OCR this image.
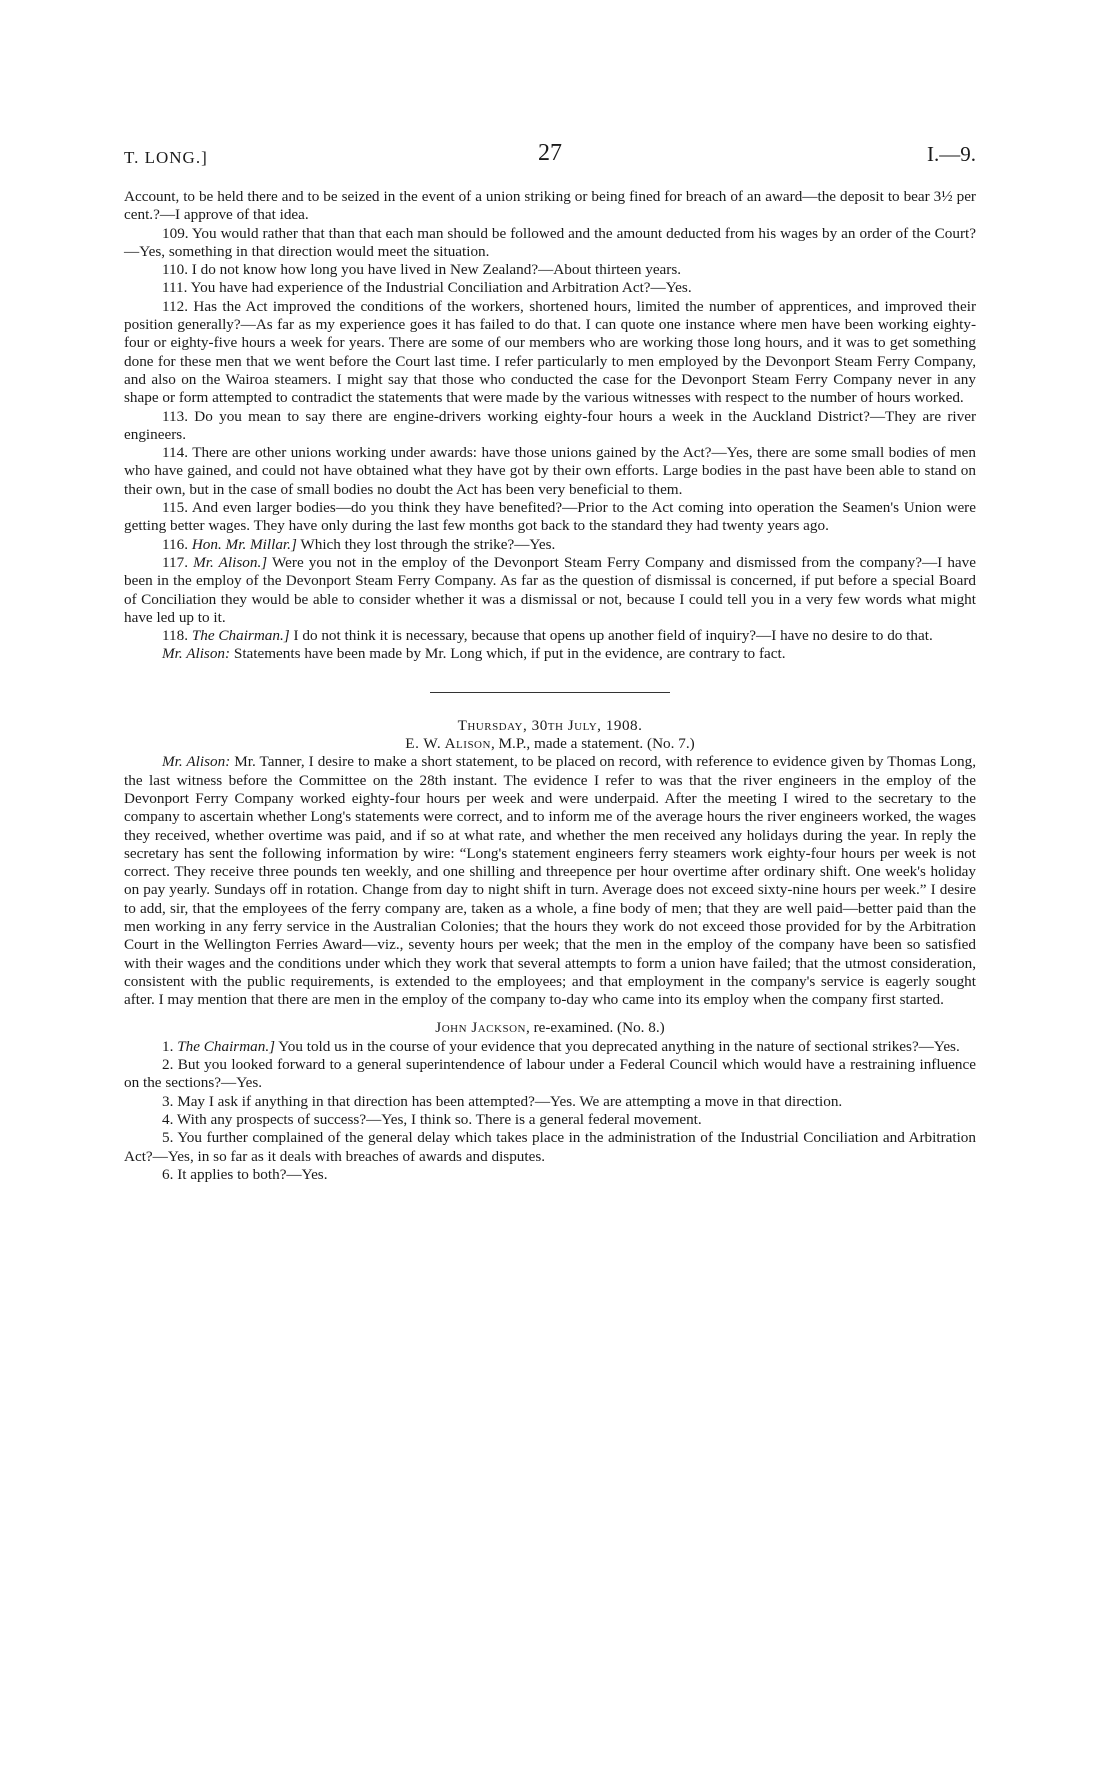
T. LONG.]	27	I.—9.

Account, to be held there and to be seized in the event of a union striking or being fined for breach of an award—the deposit to bear 3½ per cent.?—I approve of that idea.

109. You would rather that than that each man should be followed and the amount deducted from his wages by an order of the Court?—Yes, something in that direction would meet the situation.

110. I do not know how long you have lived in New Zealand?—About thirteen years.

111. You have had experience of the Industrial Conciliation and Arbitration Act?—Yes.

112. Has the Act improved the conditions of the workers, shortened hours, limited the number of apprentices, and improved their position generally?—As far as my experience goes it has failed to do that. I can quote one instance where men have been working eighty-four or eighty-five hours a week for years. There are some of our members who are working those long hours, and it was to get something done for these men that we went before the Court last time. I refer particularly to men employed by the Devonport Steam Ferry Company, and also on the Wairoa steamers. I might say that those who conducted the case for the Devonport Steam Ferry Company never in any shape or form attempted to contradict the statements that were made by the various witnesses with respect to the number of hours worked.

113. Do you mean to say there are engine-drivers working eighty-four hours a week in the Auckland District?—They are river engineers.

114. There are other unions working under awards: have those unions gained by the Act?—Yes, there are some small bodies of men who have gained, and could not have obtained what they have got by their own efforts. Large bodies in the past have been able to stand on their own, but in the case of small bodies no doubt the Act has been very beneficial to them.

115. And even larger bodies—do you think they have benefited?—Prior to the Act coming into operation the Seamen's Union were getting better wages. They have only during the last few months got back to the standard they had twenty years ago.

116. Hon. Mr. Millar.] Which they lost through the strike?—Yes.

117. Mr. Alison.] Were you not in the employ of the Devonport Steam Ferry Company and dismissed from the company?—I have been in the employ of the Devonport Steam Ferry Company. As far as the question of dismissal is concerned, if put before a special Board of Conciliation they would be able to consider whether it was a dismissal or not, because I could tell you in a very few words what might have led up to it.

118. The Chairman.] I do not think it is necessary, because that opens up another field of inquiry?—I have no desire to do that.

Mr. Alison: Statements have been made by Mr. Long which, if put in the evidence, are contrary to fact.

Thursday, 30th July, 1908.

E. W. Alison, M.P., made a statement. (No. 7.)

Mr. Alison: Mr. Tanner, I desire to make a short statement, to be placed on record, with reference to evidence given by Thomas Long, the last witness before the Committee on the 28th instant. The evidence I refer to was that the river engineers in the employ of the Devonport Ferry Company worked eighty-four hours per week and were underpaid. After the meeting I wired to the secretary to the company to ascertain whether Long's statements were correct, and to inform me of the average hours the river engineers worked, the wages they received, whether overtime was paid, and if so at what rate, and whether the men received any holidays during the year. In reply the secretary has sent the following information by wire: “Long's statement engineers ferry steamers work eighty-four hours per week is not correct. They receive three pounds ten weekly, and one shilling and threepence per hour overtime after ordinary shift. One week's holiday on pay yearly. Sundays off in rotation. Change from day to night shift in turn. Average does not exceed sixty-nine hours per week.” I desire to add, sir, that the employees of the ferry company are, taken as a whole, a fine body of men; that they are well paid—better paid than the men working in any ferry service in the Australian Colonies; that the hours they work do not exceed those provided for by the Arbitration Court in the Wellington Ferries Award—viz., seventy hours per week; that the men in the employ of the company have been so satisfied with their wages and the conditions under which they work that several attempts to form a union have failed; that the utmost consideration, consistent with the public requirements, is extended to the employees; and that employment in the company's service is eagerly sought after. I may mention that there are men in the employ of the company to-day who came into its employ when the company first started.

John Jackson, re-examined. (No. 8.)

1. The Chairman.] You told us in the course of your evidence that you deprecated anything in the nature of sectional strikes?—Yes.

2. But you looked forward to a general superintendence of labour under a Federal Council which would have a restraining influence on the sections?—Yes.

3. May I ask if anything in that direction has been attempted?—Yes. We are attempting a move in that direction.

4. With any prospects of success?—Yes, I think so. There is a general federal movement.

5. You further complained of the general delay which takes place in the administration of the Industrial Conciliation and Arbitration Act?—Yes, in so far as it deals with breaches of awards and disputes.

6. It applies to both?—Yes.
